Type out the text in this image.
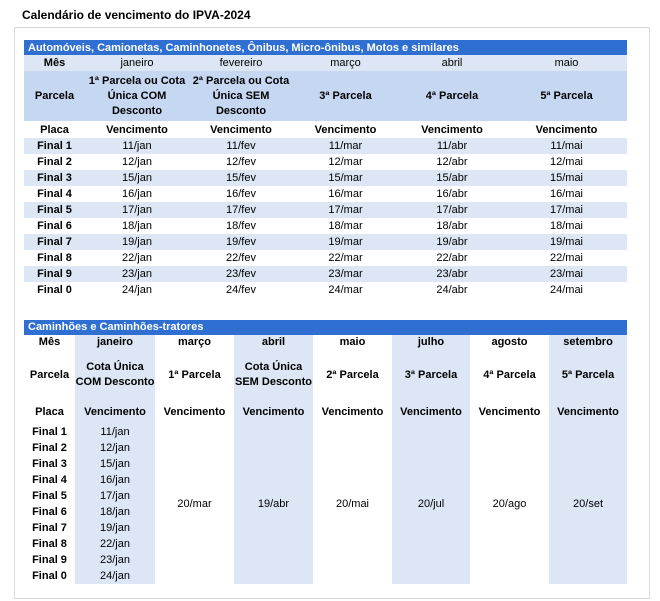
Calendário de vencimento do IPVA-2024
Automóveis, Camionetas, Caminhonetes, Ônibus, Micro-ônibus, Motos e similares					
Mês	janeiro	fevereiro	março	abril	maio
Parcela	1ª Parcela ou Cota Única COM Desconto	2ª Parcela ou Cota Única SEM Desconto	3ª Parcela	4ª Parcela	5ª Parcela
Placa	Vencimento	Vencimento	Vencimento	Vencimento	Vencimento
Final 1	11/jan	11/fev	11/mar	11/abr	11/mai
Final 2	12/jan	12/fev	12/mar	12/abr	12/mai
Final 3	15/jan	15/fev	15/mar	15/abr	15/mai
Final 4	16/jan	16/fev	16/mar	16/abr	16/mai
Final 5	17/jan	17/fev	17/mar	17/abr	17/mai
Final 6	18/jan	18/fev	18/mar	18/abr	18/mai
Final 7	19/jan	19/fev	19/mar	19/abr	19/mai
Final 8	22/jan	22/fev	22/mar	22/abr	22/mai
Final 9	23/jan	23/fev	23/mar	23/abr	23/mai
Final 0	24/jan	24/fev	24/mar	24/abr	24/mai
Caminhões e Caminhões-tratores							
Mês	janeiro	março	abril	maio	julho	agosto	setembro
Parcela	Cota Única COM Desconto	1ª Parcela	Cota Única SEM Desconto	2ª Parcela	3ª Parcela	4ª Parcela	5ª Parcela
Placa	Vencimento	Vencimento	Vencimento	Vencimento	Vencimento	Vencimento	Vencimento
Final 1	11/jan	20/mar	19/abr	20/mai	20/jul	20/ago	20/set
Final 2	12/jan						
Final 3	15/jan						
Final 4	16/jan						
Final 5	17/jan						
Final 6	18/jan						
Final 7	19/jan						
Final 8	22/jan						
Final 9	23/jan						
Final 0	24/jan						
